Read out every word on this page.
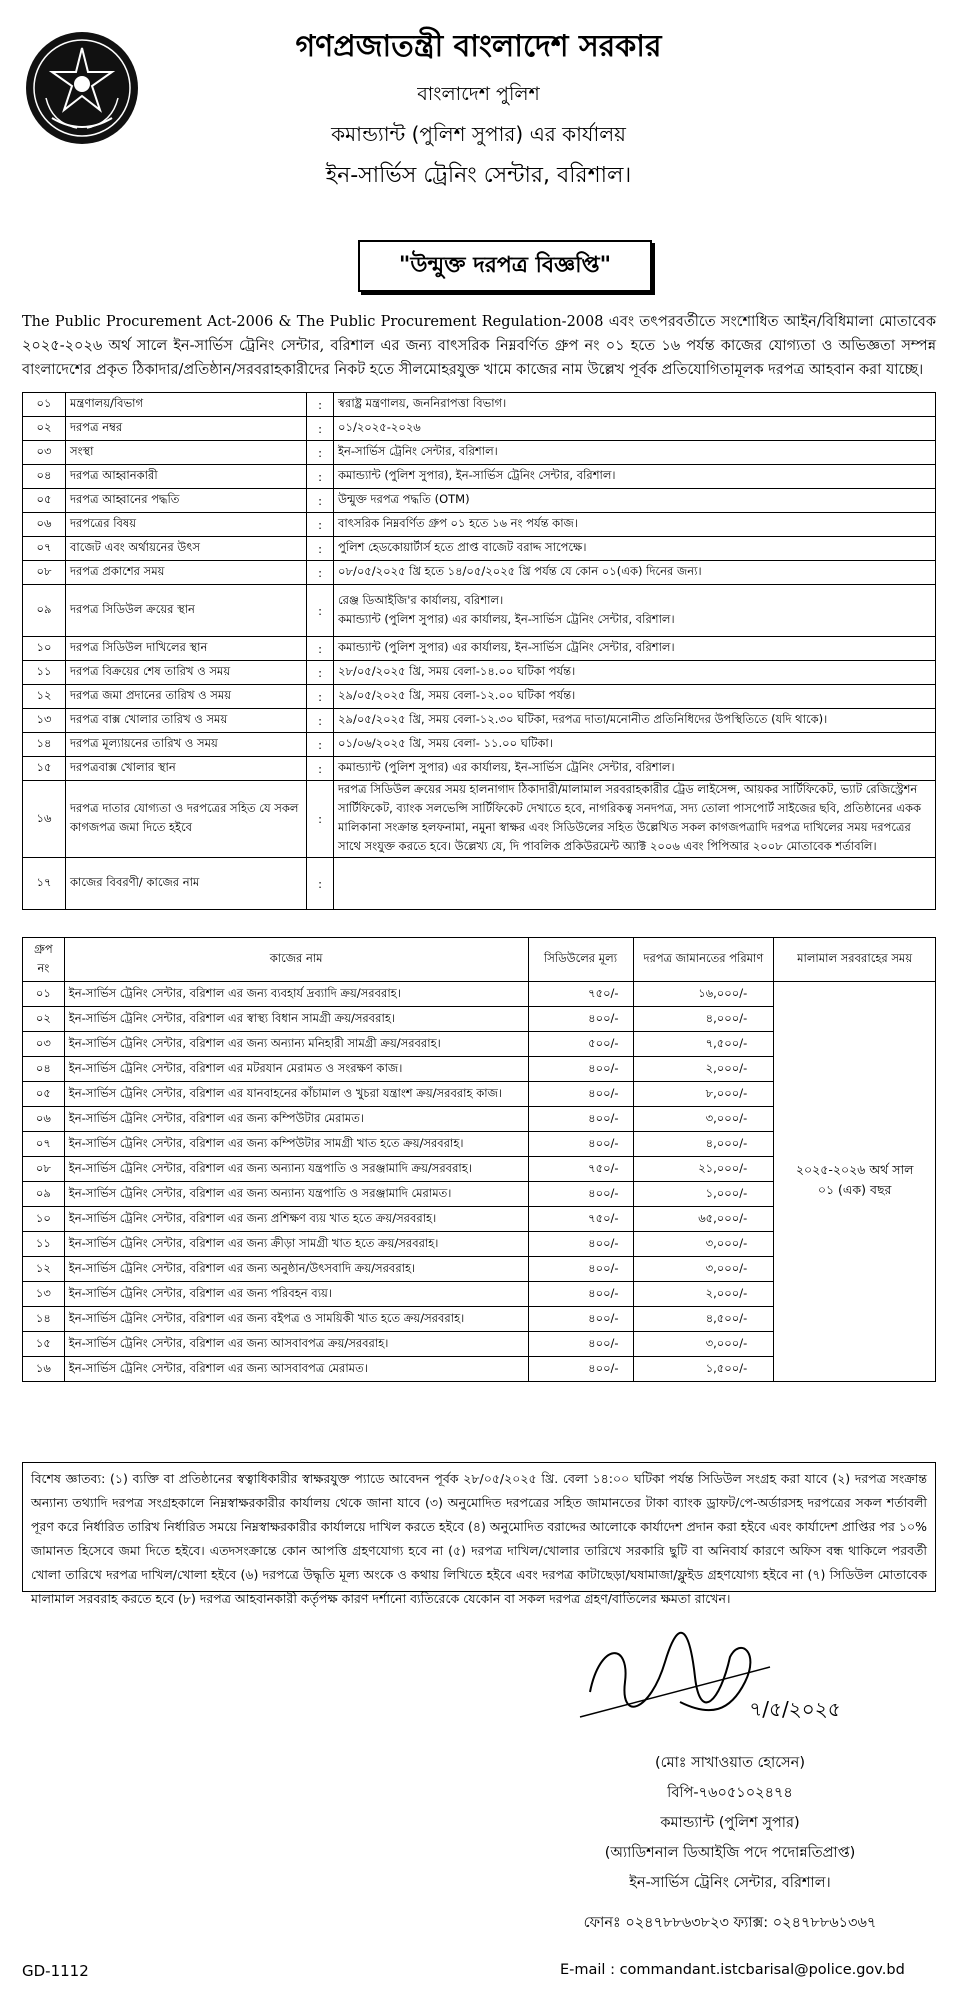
গণপ্রজাতন্ত্রী বাংলাদেশ সরকার
বাংলাদেশ পুলিশ
কমান্ড্যান্ট (পুলিশ সুপার) এর কার্যালয়
ইন-সার্ভিস ট্রেনিং সেন্টার, বরিশাল।
"উন্মুক্ত দরপত্র বিজ্ঞপ্তি"
The Public Procurement Act-2006 & The Public Procurement Regulation-2008 এবং তৎপরবর্তীতে সংশোধিত আইন/বিধিমালা মোতাবেক ২০২৫-২০২৬ অর্থ সালে ইন-সার্ভিস ট্রেনিং সেন্টার, বরিশাল এর জন্য বাৎসরিক নিম্নবর্ণিত গ্রুপ নং ০১ হতে ১৬ পর্যন্ত কাজের যোগ্যতা ও অভিজ্ঞতা সম্পন্ন বাংলাদেশের প্রকৃত ঠিকাদার/প্রতিষ্ঠান/সরবরাহকারীদের নিকট হতে সীলমোহরযুক্ত খামে কাজের নাম উল্লেখ পূর্বক প্রতিযোগিতামূলক দরপত্র আহবান করা যাচ্ছে।
০১	মন্ত্রণালয়/বিভাগ	:	স্বরাষ্ট্র মন্ত্রণালয়, জননিরাপত্তা বিভাগ।
০২	দরপত্র নম্বর	:	০১/২০২৫-২০২৬
০৩	সংস্থা	:	ইন-সার্ভিস ট্রেনিং সেন্টার, বরিশাল।
০৪	দরপত্র আহ্বানকারী	:	কমান্ড্যান্ট (পুলিশ সুপার), ইন-সার্ভিস ট্রেনিং সেন্টার, বরিশাল।
০৫	দরপত্র আহ্বানের পদ্ধতি	:	উন্মুক্ত দরপত্র পদ্ধতি (OTM)
০৬	দরপত্রের বিষয়	:	বাৎসরিক নিম্নবর্ণিত গ্রুপ ০১ হতে ১৬ নং পর্যন্ত কাজ।
০৭	বাজেট এবং অর্থায়নের উৎস	:	পুলিশ হেডকোয়ার্টার্স হতে প্রাপ্ত বাজেট বরাদ্দ সাপেক্ষে।
০৮	দরপত্র প্রকাশের সময়	:	০৮/০৫/২০২৫ খ্রি হতে ১৪/০৫/২০২৫ খ্রি পর্যন্ত যে কোন ০১(এক) দিনের জন্য।
০৯	দরপত্র সিডিউল ক্রয়ের স্থান	:	রেঞ্জ ডিআইজি'র কার্যালয়, বরিশাল।
কমান্ড্যান্ট (পুলিশ সুপার) এর কার্যালয়, ইন-সার্ভিস ট্রেনিং সেন্টার, বরিশাল।

১০	দরপত্র সিডিউল দাখিলের স্থান	:	কমান্ড্যান্ট (পুলিশ সুপার) এর কার্যালয়, ইন-সার্ভিস ট্রেনিং সেন্টার, বরিশাল।
১১	দরপত্র বিক্রয়ের শেষ তারিখ ও সময়	:	২৮/০৫/২০২৫ খ্রি, সময় বেলা-১৪.০০ ঘটিকা পর্যন্ত।
১২	দরপত্র জমা প্রদানের তারিখ ও সময়	:	২৯/০৫/২০২৫ খ্রি, সময় বেলা-১২.০০ ঘটিকা পর্যন্ত।
১৩	দরপত্র বাক্স খোলার তারিখ ও সময়	:	২৯/০৫/২০২৫ খ্রি, সময় বেলা-১২.৩০ ঘটিকা, দরপত্র দাতা/মনোনীত প্রতিনিধিদের উপস্থিতিতে (যদি থাকে)।
১৪	দরপত্র মূল্যায়নের তারিখ ও সময়	:	০১/০৬/২০২৫ খ্রি, সময় বেলা- ১১.০০ ঘটিকা।
১৫	দরপত্রবাক্স খোলার স্থান	:	কমান্ড্যান্ট (পুলিশ সুপার) এর কার্যালয়, ইন-সার্ভিস ট্রেনিং সেন্টার, বরিশাল।
১৬	দরপত্র দাতার যোগ্যতা ও দরপত্রের সহিত যে সকল কাগজপত্র জমা দিতে হইবে	:	দরপত্র সিডিউল ক্রয়ের সময় হালনাগাদ ঠিকাদারী/মালামাল সরবরাহকারীর ট্রেড লাইসেন্স, আয়কর সার্টিফিকেট, ভ্যাট রেজিস্ট্রেশন সার্টিফিকেট, ব্যাংক সলভেন্সি সার্টিফিকেট দেখাতে হবে, নাগরিকত্ব সনদপত্র, সদ্য তোলা পাসপোর্ট সাইজের ছবি, প্রতিষ্ঠানের একক মালিকানা সংক্রান্ত হলফনামা, নমুনা স্বাক্ষর এবং সিডিউলের সহিত উল্লেখিত সকল কাগজপত্রাদি দরপত্র দাখিলের সময় দরপত্রের সাথে সংযুক্ত করতে হবে। উল্লেখ্য যে, দি পাবলিক প্রকিউরমেন্ট অ্যাক্ট ২০০৬ এবং পিপিআর ২০০৮ মোতাবেক শর্তাবলি।
১৭	কাজের বিবরণী/ কাজের নাম	:	
গ্রুপ নং	কাজের নাম	সিডিউলের মূল্য	দরপত্র জামানতের পরিমাণ	মালামাল সরবরাহের সময়
০১	ইন-সার্ভিস ট্রেনিং সেন্টার, বরিশাল এর জন্য ব্যবহার্য দ্রব্যাদি ক্রয়/সরবরাহ।	৭৫০/-	১৬,০০০/-	২০২৫-২০২৬ অর্থ সাল
০১ (এক) বছর

০২	ইন-সার্ভিস ট্রেনিং সেন্টার, বরিশাল এর স্বাস্থ্য বিধান সামগ্রী ক্রয়/সরবরাহ।	৪০০/-	৪,০০০/-	
০৩	ইন-সার্ভিস ট্রেনিং সেন্টার, বরিশাল এর জন্য অন্যান্য মনিহারী সামগ্রী ক্রয়/সরবরাহ।	৫০০/-	৭,৫০০/-	
০৪	ইন-সার্ভিস ট্রেনিং সেন্টার, বরিশাল এর মটরযান মেরামত ও সংরক্ষণ কাজ।	৪০০/-	২,০০০/-	
০৫	ইন-সার্ভিস ট্রেনিং সেন্টার, বরিশাল এর যানবাহনের কাঁচামাল ও খুচরা যন্ত্রাংশ ক্রয়/সরবরাহ কাজ।	৪০০/-	৮,০০০/-	
০৬	ইন-সার্ভিস ট্রেনিং সেন্টার, বরিশাল এর জন্য কম্পিউটার মেরামত।	৪০০/-	৩,০০০/-	
০৭	ইন-সার্ভিস ট্রেনিং সেন্টার, বরিশাল এর জন্য কম্পিউটার সামগ্রী খাত হতে ক্রয়/সরবরাহ।	৪০০/-	৪,০০০/-	
০৮	ইন-সার্ভিস ট্রেনিং সেন্টার, বরিশাল এর জন্য অন্যান্য যন্ত্রপাতি ও সরঞ্জামাদি ক্রয়/সরবরাহ।	৭৫০/-	২১,০০০/-	
০৯	ইন-সার্ভিস ট্রেনিং সেন্টার, বরিশাল এর জন্য অন্যান্য যন্ত্রপাতি ও সরঞ্জামাদি মেরামত।	৪০০/-	১,০০০/-	
১০	ইন-সার্ভিস ট্রেনিং সেন্টার, বরিশাল এর জন্য প্রশিক্ষণ ব্যয় খাত হতে ক্রয়/সরবরাহ।	৭৫০/-	৬৫,০০০/-	
১১	ইন-সার্ভিস ট্রেনিং সেন্টার, বরিশাল এর জন্য ক্রীড়া সামগ্রী খাত হতে ক্রয়/সরবরাহ।	৪০০/-	৩,০০০/-	
১২	ইন-সার্ভিস ট্রেনিং সেন্টার, বরিশাল এর জন্য অনুষ্ঠান/উৎসবাদি ক্রয়/সরবরাহ।	৪০০/-	৩,০০০/-	
১৩	ইন-সার্ভিস ট্রেনিং সেন্টার, বরিশাল এর জন্য পরিবহন ব্যয়।	৪০০/-	২,০০০/-	
১৪	ইন-সার্ভিস ট্রেনিং সেন্টার, বরিশাল এর জন্য বইপত্র ও সাময়িকী খাত হতে ক্রয়/সরবরাহ।	৪০০/-	৪,৫০০/-	
১৫	ইন-সার্ভিস ট্রেনিং সেন্টার, বরিশাল এর জন্য আসবাবপত্র ক্রয়/সরবরাহ।	৪০০/-	৩,০০০/-	
১৬	ইন-সার্ভিস ট্রেনিং সেন্টার, বরিশাল এর জন্য আসবাবপত্র মেরামত।	৪০০/-	১,৫০০/-	
বিশেষ জ্ঞাতব্য: (১) ব্যক্তি বা প্রতিষ্ঠানের স্বত্বাধিকারীর স্বাক্ষরযুক্ত প্যাডে আবেদন পূর্বক ২৮/০৫/২০২৫ খ্রি. বেলা ১৪:০০ ঘটিকা পর্যন্ত সিডিউল সংগ্রহ করা যাবে (২) দরপত্র সংক্রান্ত অন্যান্য তথ্যাদি দরপত্র সংগ্রহকালে নিম্নস্বাক্ষরকারীর কার্যালয় থেকে জানা যাবে (৩) অনুমোদিত দরপত্রের সহিত জামানতের টাকা ব্যাংক ড্রাফট/পে-অর্ডারসহ দরপত্রের সকল শর্তাবলী পূরণ করে নির্ধারিত তারিখ নির্ধারিত সময়ে নিম্নস্বাক্ষরকারীর কার্যালয়ে দাখিল করতে হইবে (৪) অনুমোদিত বরাদ্দের আলোকে কার্যাদেশ প্রদান করা হইবে এবং কার্যাদেশ প্রাপ্তির পর ১০% জামানত হিসেবে জমা দিতে হইবে। এতদসংক্রান্তে কোন আপত্তি গ্রহণযোগ্য হবে না (৫) দরপত্র দাখিল/খোলার তারিখে সরকারি ছুটি বা অনিবার্য কারণে অফিস বন্ধ থাকিলে পরবর্তী খোলা তারিখে দরপত্র দাখিল/খোলা হইবে (৬) দরপত্রে উদ্ধৃতি মূল্য অংকে ও কথায় লিখিতে হইবে এবং দরপত্র কাটাছেড়া/ঘষামাজা/ফ্লুইড গ্রহণযোগ্য হইবে না (৭) সিডিউল মোতাবেক মালামাল সরবরাহ করতে হবে (৮) দরপত্র আহবানকারী কর্তৃপক্ষ কারণ দর্শানো ব্যতিরেকে যেকোন বা সকল দরপত্র গ্রহণ/বাতিলের ক্ষমতা রাখেন।
৭/৫/২০২৫
(মোঃ সাখাওয়াত হোসেন)
বিপি-৭৬০৫১০২৪৭৪
কমান্ড্যান্ট (পুলিশ সুপার)
(অ্যাডিশনাল ডিআইজি পদে পদোন্নতিপ্রাপ্ত)
ইন-সার্ভিস ট্রেনিং সেন্টার, বরিশাল।
ফোনঃ ০২৪৭৮৮৬৩৮২৩ ফ্যাক্স: ০২৪৭৮৮৬১৩৬৭
GD-1112	E-mail : commandant.istcbarisal@police.gov.bd
